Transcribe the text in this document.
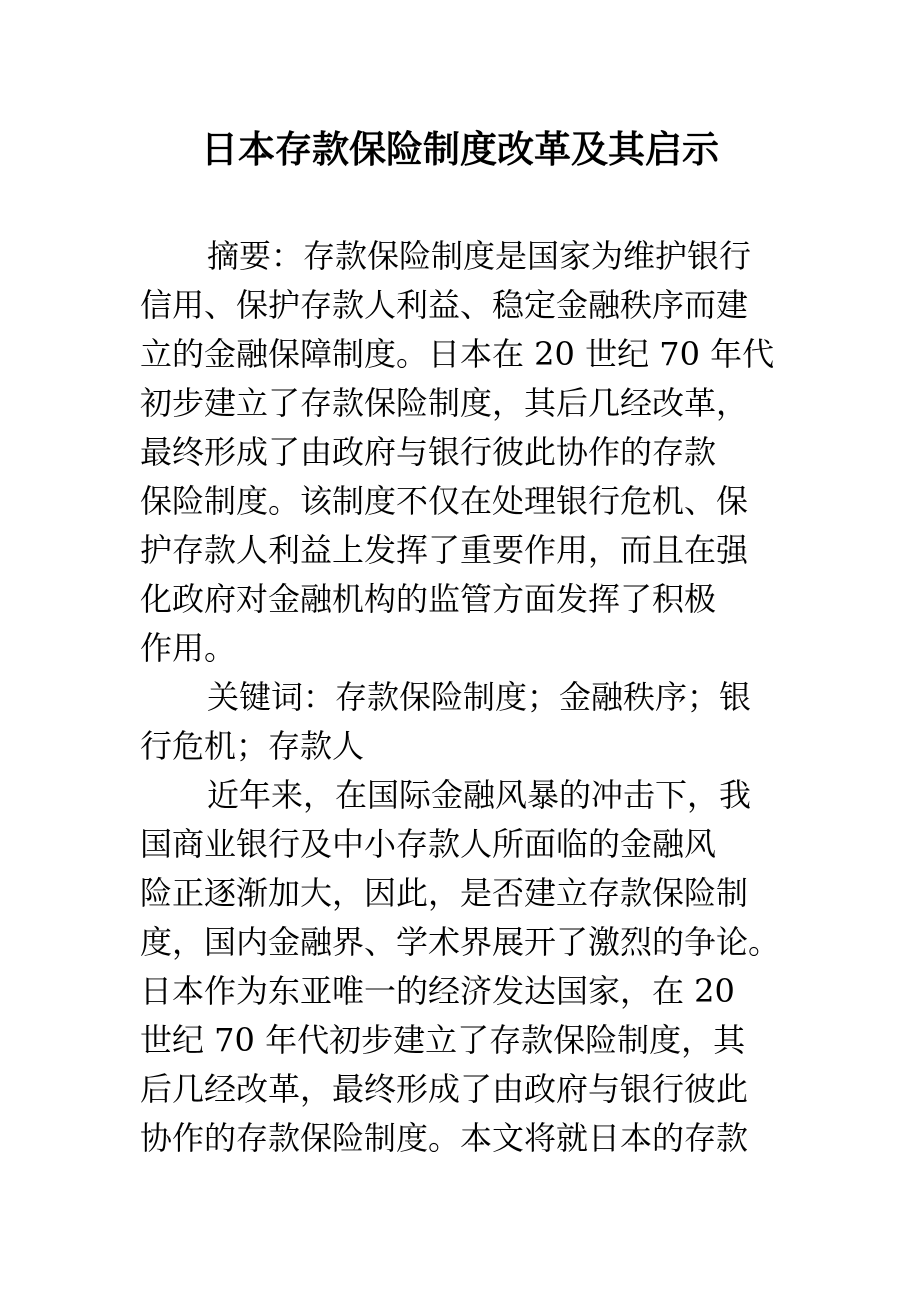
日本存款保险制度改革及其启示
摘要：存款保险制度是国家为维护银行
信用、保护存款人利益、稳定金融秩序而建
立的金融保障制度。日本在 20 世纪 70 年代
初步建立了存款保险制度，其后几经改革，
最终形成了由政府与银行彼此协作的存款
保险制度。该制度不仅在处理银行危机、保
护存款人利益上发挥了重要作用，而且在强
化政府对金融机构的监管方面发挥了积极
作用。
关键词：存款保险制度；金融秩序；银
行危机；存款人
近年来，在国际金融风暴的冲击下，我
国商业银行及中小存款人所面临的金融风
险正逐渐加大，因此，是否建立存款保险制
度，国内金融界、学术界展开了激烈的争论。
日本作为东亚唯一的经济发达国家，在 20
世纪 70 年代初步建立了存款保险制度，其
后几经改革，最终形成了由政府与银行彼此
协作的存款保险制度。本文将就日本的存款
